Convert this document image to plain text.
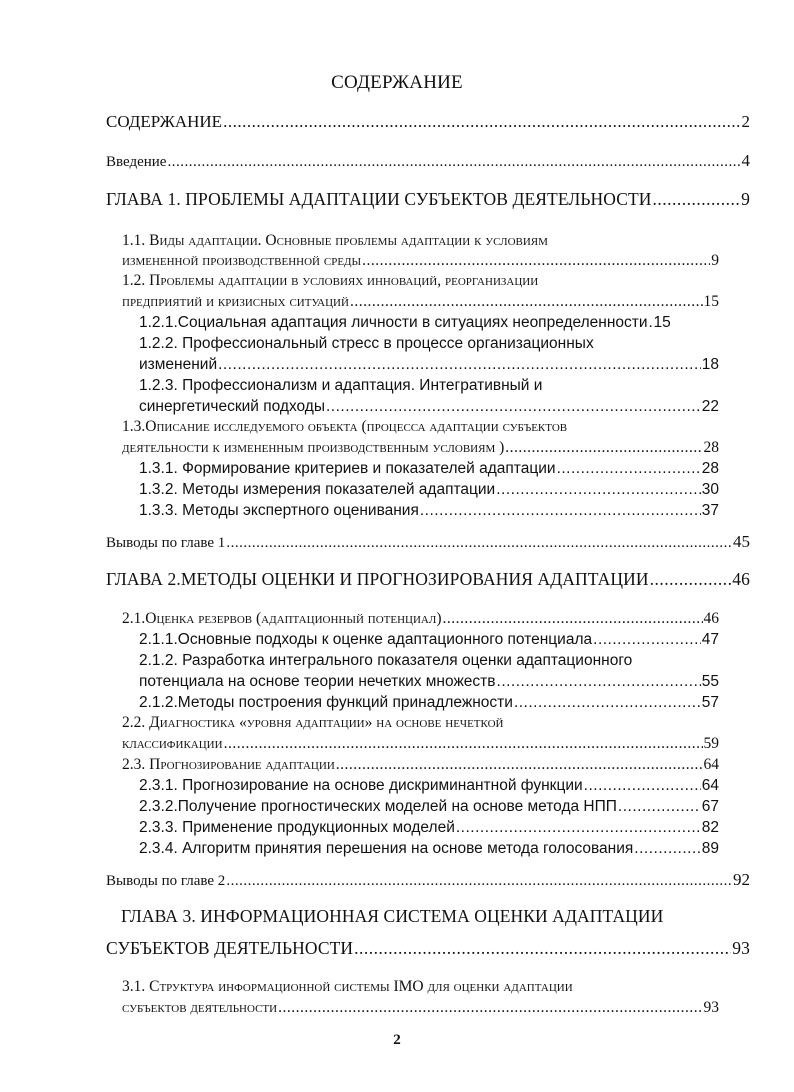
СОДЕРЖАНИЕ
СОДЕРЖАНИЕ .....	2
Введение .....	4
ГЛАВА 1. ПРОБЛЕМЫ АДАПТАЦИИ СУБЪЕКТОВ ДЕЯТЕЛЬНОСТИ .....	9
1.1. Виды адаптации. Основные проблемы адаптации к условиям
измененной производственной среды .....	9
1.2. Проблемы адаптации в условиях инноваций, реорганизации
предприятий и кризисных ситуаций .....	15
1.2.1.Социальная адаптация личности в ситуациях неопределенности ..... 15
1.2.2. Профессиональный стресс в процессе организационных
изменений .....	18
1.2.3. Профессионализм и адаптация. Интегративный и
синергетический подходы .....	22
1.3.Описание исследуемого объекта (процесса адаптации субъектов
деятельности к измененным производственным условиям ) .....	28
1.3.1. Формирование критериев и показателей адаптации .....	28
1.3.2. Методы измерения показателей адаптации .....	30
1.3.3. Методы экспертного оценивания .....	37
Выводы по главе 1 .....	45
ГЛАВА 2.МЕТОДЫ ОЦЕНКИ И ПРОГНОЗИРОВАНИЯ АДАПТАЦИИ .....	46
2.1.Оценка резервов (адаптационный потенциал) .....	46
2.1.1.Основные подходы к оценке адаптационного потенциала .....	47
2.1.2. Разработка интегрального показателя оценки адаптационного
потенциала на основе теории нечетких множеств .....	55
2.1.2.Методы построения функций принадлежности .....	57
2.2. Диагностика «уровня адаптации» на основе нечеткой
классификации .....	59
2.3. Прогнозирование адаптации .....	64
2.3.1. Прогнозирование на основе дискриминантной функции .....	64
2.3.2.Получение прогностических моделей на основе метода НПП .....	67
2.3.3. Применение продукционных моделей .....	82
2.3.4. Алгоритм принятия перешения на основе метода голосования .....	89
Выводы по главе 2 .....	92
ГЛАВА 3. ИНФОРМАЦИОННАЯ СИСТЕМА ОЦЕНКИ АДАПТАЦИИ
СУБЪЕКТОВ ДЕЯТЕЛЬНОСТИ .....	93
3.1. Структура информационной системы IMO для оценки адаптации
субъектов деятельности .....	93
2
